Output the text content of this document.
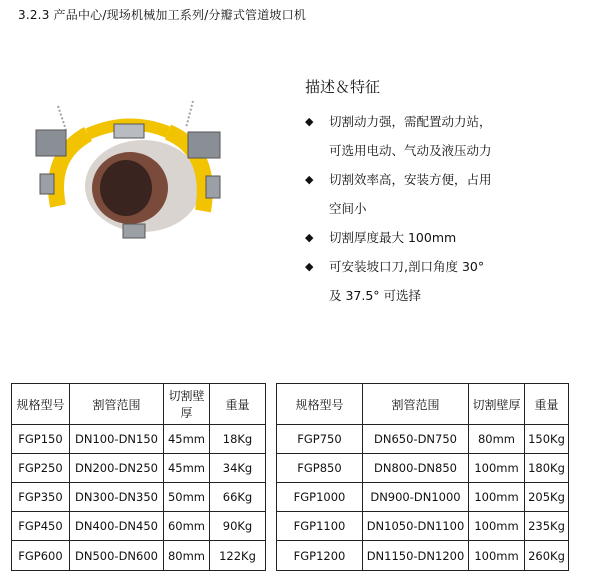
3.2.3 产品中心/现场机械加工系列/分瓣式管道坡口机
描述＆特征
◆ 切割动力强，需配置动力站，
可选用电动、气动及液压动力
◆ 切割效率高，安装方便，占用
空间小
◆ 切割厚度最大 100mm
◆ 可安装坡口刀,剖口角度 30°
及 37.5° 可选择
规格型号	割管范围	切割壁厚	重量		规格型号	割管范围	切割壁厚	重量
FGP150	DN100-DN150	45mm	18Kg		FGP750	DN650-DN750	80mm	150Kg
FGP250	DN200-DN250	45mm	34Kg		FGP850	DN800-DN850	100mm	180Kg
FGP350	DN300-DN350	50mm	66Kg		FGP1000	DN900-DN1000	100mm	205Kg
FGP450	DN400-DN450	60mm	90Kg		FGP1100	DN1050-DN1100	100mm	235Kg
FGP600	DN500-DN600	80mm	122Kg		FGP1200	DN1150-DN1200	100mm	260Kg
